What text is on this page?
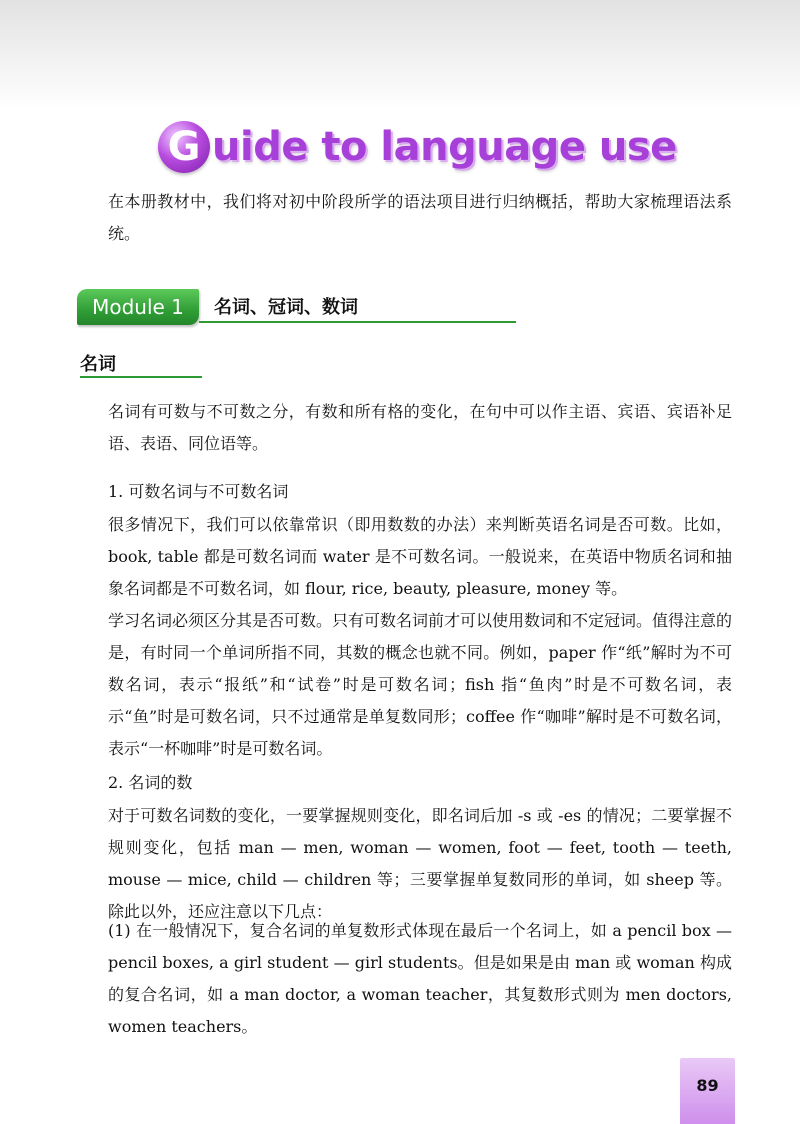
G uide to language use
在本册教材中，我们将对初中阶段所学的语法项目进行归纳概括，帮助大家梳理语法系统。
Module 1	名词、冠词、数词
名词
名词有可数与不可数之分，有数和所有格的变化，在句中可以作主语、宾语、宾语补足语、表语、同位语等。
1. 可数名词与不可数名词
很多情况下，我们可以依靠常识（即用数数的办法）来判断英语名词是否可数。比如，book, table 都是可数名词而 water 是不可数名词。一般说来，在英语中物质名词和抽象名词都是不可数名词，如 flour, rice, beauty, pleasure, money 等。
学习名词必须区分其是否可数。只有可数名词前才可以使用数词和不定冠词。值得注意的是，有时同一个单词所指不同，其数的概念也就不同。例如，paper 作“纸”解时为不可数名词，表示“报纸”和“试卷”时是可数名词；fish 指“鱼肉”时是不可数名词，表示“鱼”时是可数名词，只不过通常是单复数同形；coffee 作“咖啡”解时是不可数名词，表示“一杯咖啡”时是可数名词。
2. 名词的数
对于可数名词数的变化，一要掌握规则变化，即名词后加 -s 或 -es 的情况；二要掌握不规则变化，包括 man — men, woman — women, foot — feet, tooth — teeth, mouse — mice, child — children 等；三要掌握单复数同形的单词，如 sheep 等。除此以外，还应注意以下几点：
(1) 在一般情况下，复合名词的单复数形式体现在最后一个名词上，如 a pencil box — pencil boxes, a girl student — girl students。但是如果是由 man 或 woman 构成的复合名词，如 a man doctor, a woman teacher，其复数形式则为 men doctors, women teachers。
89
